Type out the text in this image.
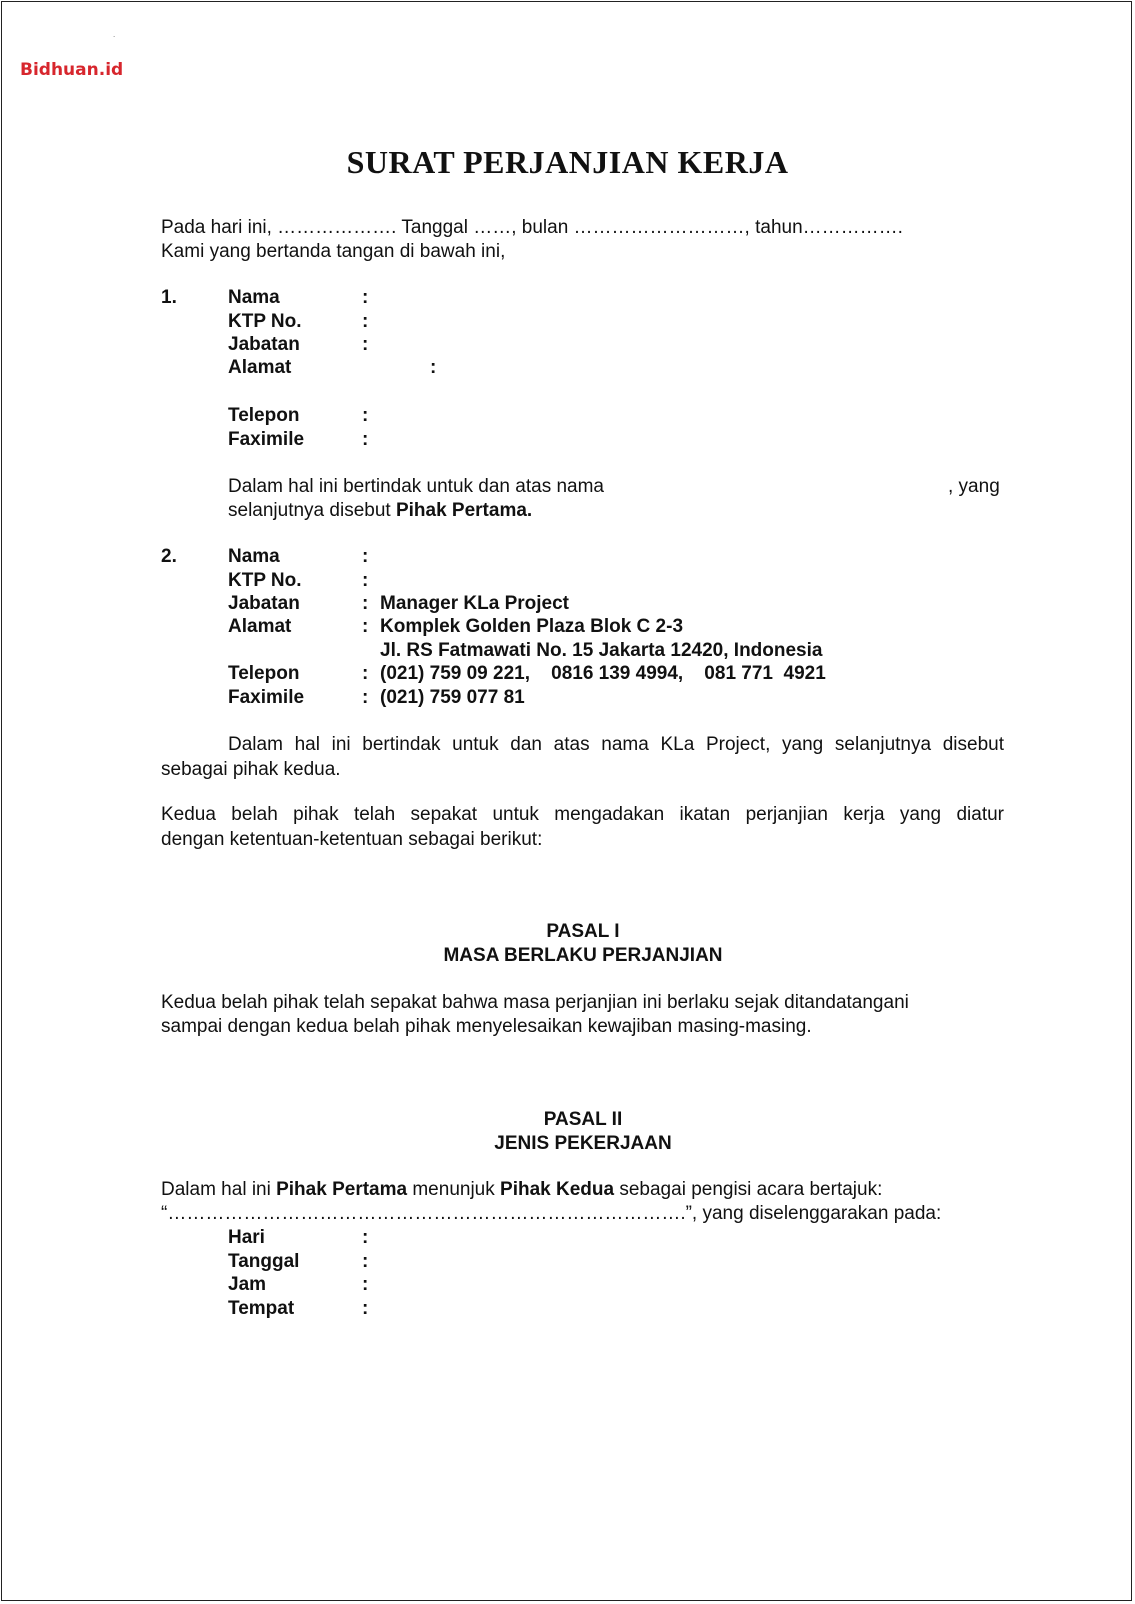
Bidhuan.id
.
SURAT PERJANJIAN KERJA
Pada hari ini, ………………. Tanggal ……, bulan ………………………, tahun…………….
Kami yang bertanda tangan di bawah ini,
1.	Nama	:
KTP No.	:
Jabatan	:
Alamat	:
Telepon	:
Faximile	:
Dalam hal ini bertindak untuk dan atas nama	, yang
selanjutnya disebut Pihak Pertama.
2.	Nama	:
KTP No.	:
Jabatan	: Manager KLa Project
Alamat	: Komplek Golden Plaza Blok C 2-3
Jl. RS Fatmawati No. 15 Jakarta 12420, Indonesia
Telepon	: (021) 759 09 221,    0816 139 4994,    081 771  4921
Faximile	: (021) 759 077 81
Dalam hal ini bertindak untuk dan atas nama KLa Project, yang selanjutnya disebut
sebagai pihak kedua.
Kedua belah pihak telah sepakat untuk mengadakan ikatan perjanjian kerja yang diatur
dengan ketentuan-ketentuan sebagai berikut:
PASAL I
MASA BERLAKU PERJANJIAN
Kedua belah pihak telah sepakat bahwa masa perjanjian ini berlaku sejak ditandatangani
sampai dengan kedua belah pihak menyelesaikan kewajiban masing-masing.
PASAL II
JENIS PEKERJAAN
Dalam hal ini Pihak Pertama menunjuk Pihak Kedua sebagai pengisi acara bertajuk:
“……………………………………………………………………….”, yang diselenggarakan pada:
Hari	:
Tanggal	:
Jam	:
Tempat	:
